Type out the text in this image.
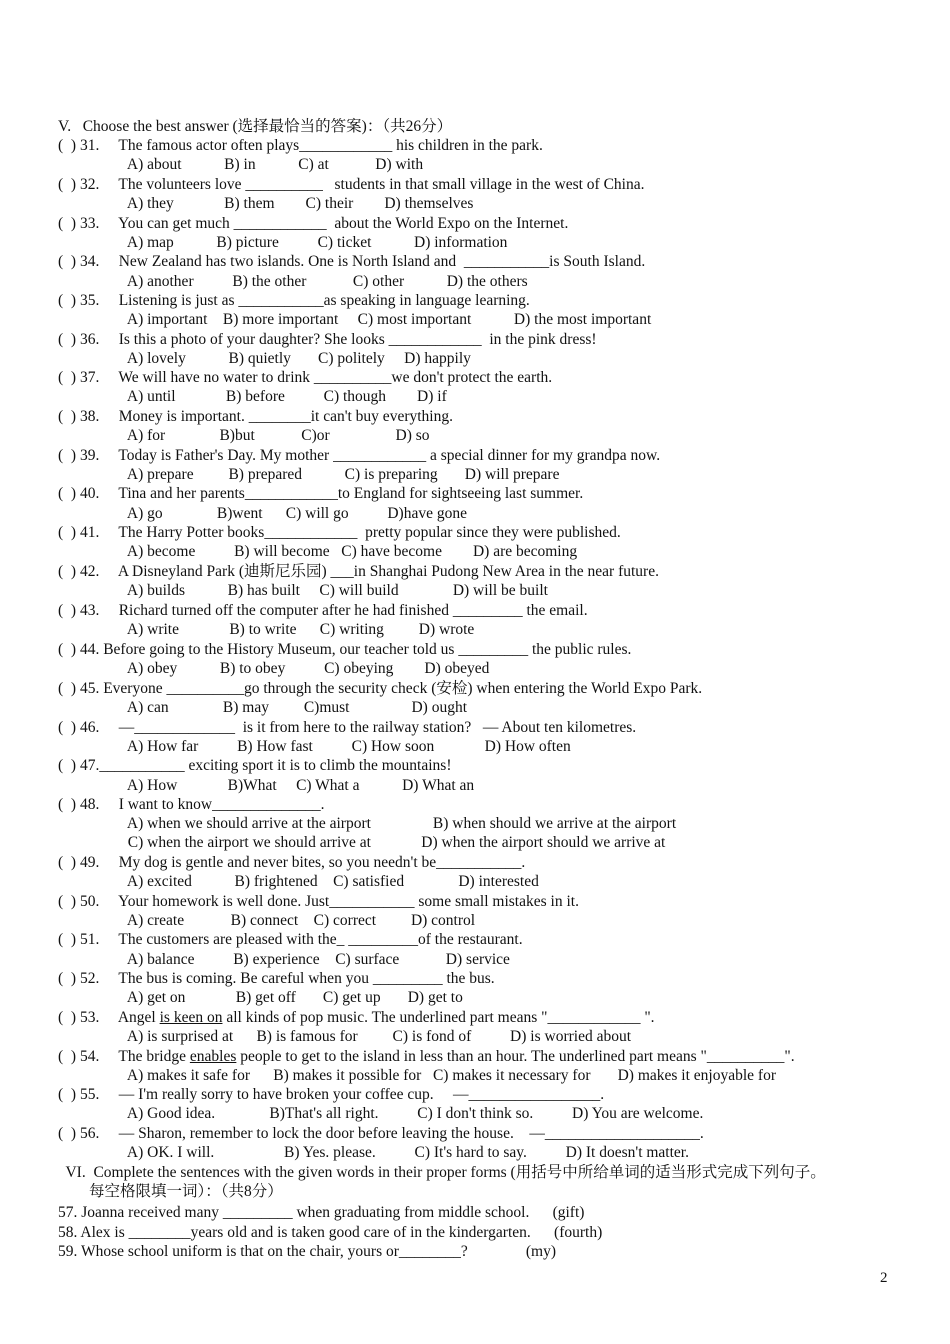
V.   Choose the best answer (选择最恰当的答案)：（共26分）
(  ) 31.     The famous actor often plays____________ his children in the park.
A) about           B) in           C) at            D) with
(  ) 32.     The volunteers love __________   students in that small village in the west of China.
A) they             B) them        C) their        D) themselves
(  ) 33.     You can get much ____________  about the World Expo on the Internet.
A) map           B) picture          C) ticket           D) information
(  ) 34.     New Zealand has two islands. One is North Island and  ___________is South Island.
A) another          B) the other            C) other           D) the others
(  ) 35.     Listening is just as ___________as speaking in language learning.
A) important    B) more important     C) most important           D) the most important
(  ) 36.     Is this a photo of your daughter? She looks ____________  in the pink dress!
A) lovely           B) quietly       C) politely     D) happily
(  ) 37.     We will have no water to drink __________we don't protect the earth.
A) until             B) before          C) though        D) if
(  ) 38.     Money is important. ________it can't buy everything.
A) for              B)but            C)or                 D) so
(  ) 39.     Today is Father's Day. My mother ____________ a special dinner for my grandpa now.
A) prepare         B) prepared           C) is preparing       D) will prepare
(  ) 40.     Tina and her parents____________to England for sightseeing last summer.
A) go              B)went      C) will go          D)have gone
(  ) 41.     The Harry Potter books____________  pretty popular since they were published.
A) become          B) will become   C) have become        D) are becoming
(  ) 42.     A Disneyland Park (迪斯尼乐园) ___in Shanghai Pudong New Area in the near future.
A) builds           B) has built     C) will build              D) will be built
(  ) 43.     Richard turned off the computer after he had finished _________ the email.
A) write             B) to write      C) writing         D) wrote
(  ) 44. Before going to the History Museum, our teacher told us _________ the public rules.
A) obey           B) to obey          C) obeying        D) obeyed
(  ) 45. Everyone __________go through the security check (安检) when entering the World Expo Park.
A) can              B) may         C)must                D) ought
(  ) 46.     —_____________  is it from here to the railway station?   — About ten kilometres.
A) How far          B) How fast          C) How soon             D) How often
(  ) 47.___________ exciting sport it is to climb the mountains!
A) How             B)What     C) What a           D) What an
(  ) 48.     I want to know______________.
A) when we should arrive at the airport                B) when should we arrive at the airport
C) when the airport we should arrive at             D) when the airport should we arrive at
(  ) 49.     My dog is gentle and never bites, so you needn't be___________.
A) excited           B) frightened    C) satisfied              D) interested
(  ) 50.     Your homework is well done. Just___________ some small mistakes in it.
A) create            B) connect    C) correct         D) control
(  ) 51.     The customers are pleased with the_ _________of the restaurant.
A) balance          B) experience    C) surface            D) service
(  ) 52.     The bus is coming. Be careful when you _________ the bus.
A) get on             B) get off       C) get up       D) get to
(  ) 53.     Angel is keen on all kinds of pop music. The underlined part means "____________ ".
A) is surprised at      B) is famous for         C) is fond of          D) is worried about
(  ) 54.     The bridge enables people to get to the island in less than an hour. The underlined part means "__________".
A) makes it safe for      B) makes it possible for   C) makes it necessary for       D) makes it enjoyable for
(  ) 55.     — I'm really sorry to have broken your coffee cup.     —_________________.
A) Good idea.              B)That's all right.          C) I don't think so.          D) You are welcome.
(  ) 56.     — Sharon, remember to lock the door before leaving the house.    —____________________.
A) OK. I will.                  B) Yes. please.          C) It's hard to say.          D) It doesn't matter.
VI.  Complete the sentences with the given words in their proper forms (用括号中所给单词的适当形式完成下列句子。
每空格限填一词）：（共8分）
57. Joanna received many _________ when graduating from middle school.      (gift)
58. Alex is ________years old and is taken good care of in the kindergarten.      (fourth)
59. Whose school uniform is that on the chair, yours or________?               (my)
2
